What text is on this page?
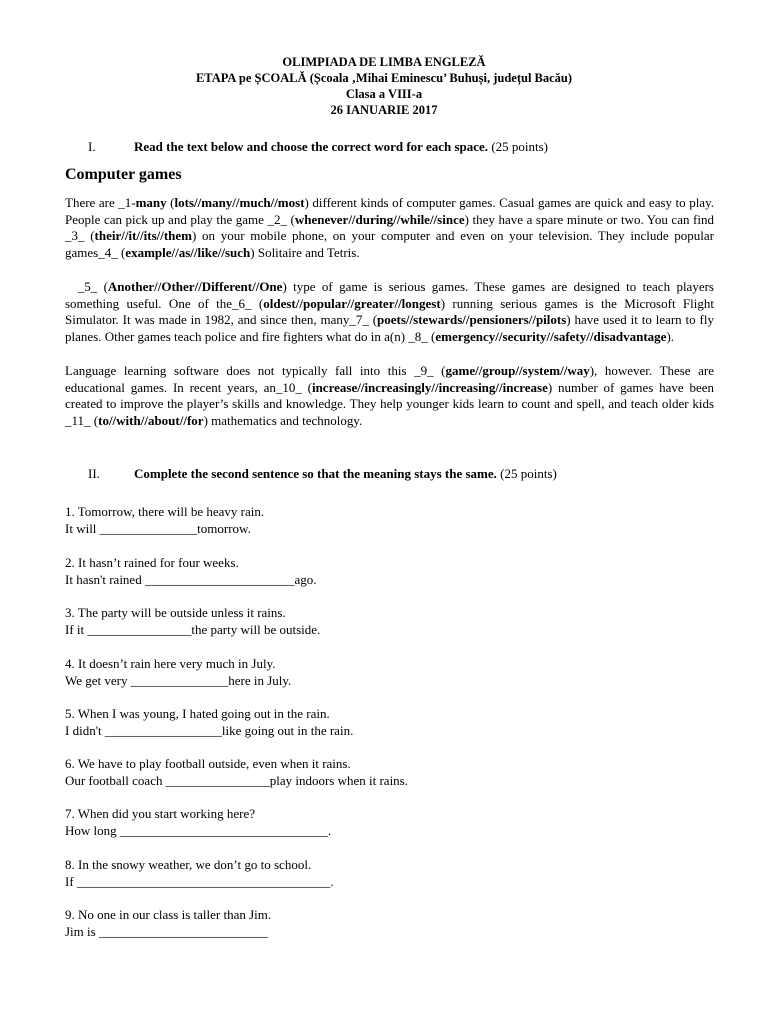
OLIMPIADA DE LIMBA ENGLEZĂ
ETAPA pe ȘCOALĂ (Școala ‚Mihai Eminescu’ Buhuși, județul Bacău)
Clasa a VIII-a
26 IANUARIE 2017
I.	Read the text below and choose the correct word for each space. (25 points)
Computer games
There are _1-many (lots//many//much//most) different kinds of computer games. Casual games are quick and easy to play. People can pick up and play the game _2_ (whenever//during//while//since) they have a spare minute or two. You can find _3_ (their//it//its//them) on your mobile phone, on your computer and even on your television. They include popular games_4_ (example//as//like//such) Solitaire and Tetris.
_5_ (Another//Other//Different//One) type of game is serious games. These games are designed to teach players something useful. One of the_6_ (oldest//popular//greater//longest) running serious games is the Microsoft Flight Simulator. It was made in 1982, and since then, many_7_ (poets//stewards//pensioners//pilots) have used it to learn to fly planes. Other games teach police and fire fighters what do in a(n) _8_ (emergency//security//safety//disadvantage).
Language learning software does not typically fall into this _9_ (game//group//system//way), however. These are educational games. In recent years, an_10_ (increase//increasingly//increasing//increase) number of games have been created to improve the player’s skills and knowledge. They help younger kids learn to count and spell, and teach older kids _11_ (to//with//about//for) mathematics and technology.
II.	Complete the second sentence so that the meaning stays the same. (25 points)
1. Tomorrow, there will be heavy rain.
It will _______________tomorrow.
2. It hasn’t rained for four weeks.
It hasn't rained _______________________ago.
3. The party will be outside unless it rains.
If it ________________the party will be outside.
4. It doesn’t rain here very much in July.
We get very _______________here in July.
5. When I was young, I hated going out in the rain.
I didn't __________________like going out in the rain.
6. We have to play football outside, even when it rains.
Our football coach ________________play indoors when it rains.
7. When did you start working here?
How long ________________________________.
8. In the snowy weather, we don’t go to school.
If _______________________________________.
9. No one in our class is taller than Jim.
Jim is __________________________
